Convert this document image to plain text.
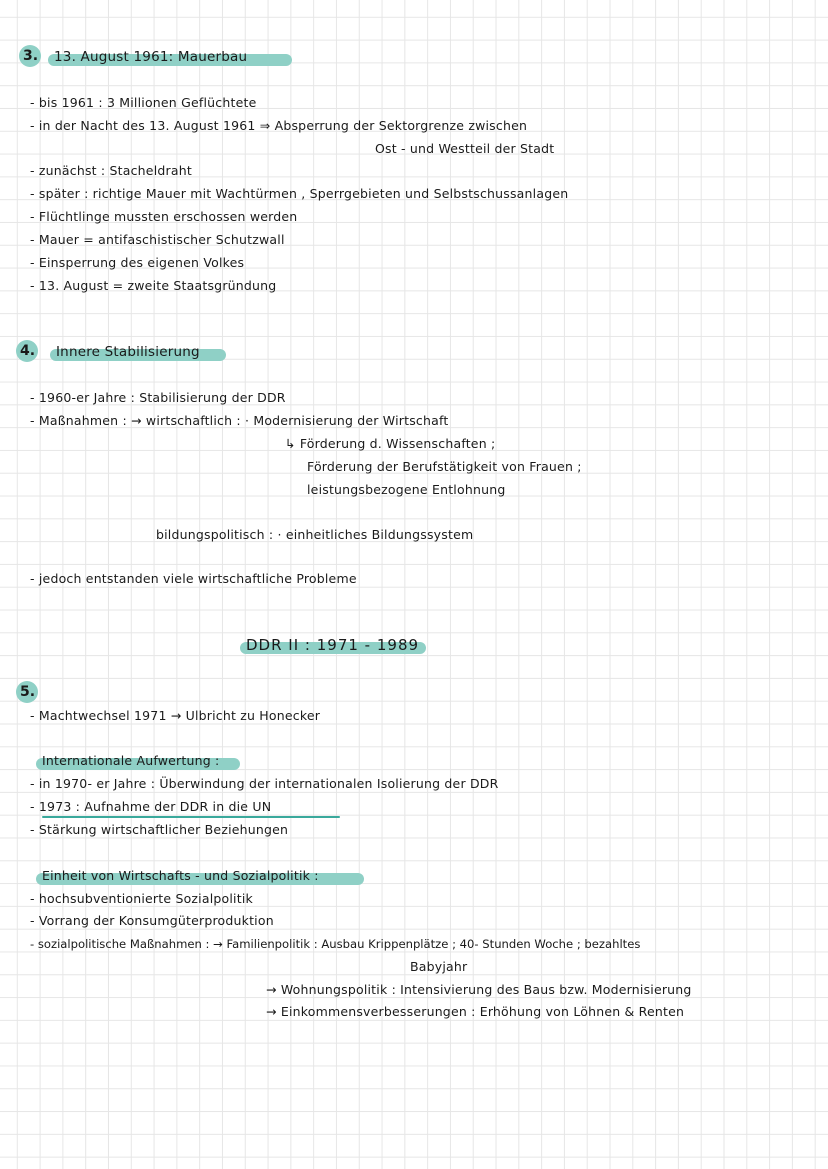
3. 13. August 1961: Mauerbau
- bis 1961 : 3 Millionen Geflüchtete
- in der Nacht des 13. August 1961 ⇒ Absperrung der Sektorgrenze zwischen
Ost - und Westteil der Stadt
- zunächst : Stacheldraht
- später : richtige Mauer mit Wachtürmen , Sperrgebieten und Selbstschussanlagen
- Flüchtlinge mussten erschossen werden
- Mauer = antifaschistischer Schutzwall
- Einsperrung des eigenen Volkes
- 13. August = zweite Staatsgründung
4. Innere Stabilisierung
- 1960-er Jahre : Stabilisierung der DDR
- Maßnahmen : → wirtschaftlich : · Modernisierung der Wirtschaft
↳ Förderung d. Wissenschaften ;
Förderung der Berufstätigkeit von Frauen ;
leistungsbezogene Entlohnung
bildungspolitisch : · einheitliches Bildungssystem
- jedoch entstanden viele wirtschaftliche Probleme
DDR II : 1971 - 1989
5.
- Machtwechsel 1971 → Ulbricht zu Honecker
Internationale Aufwertung :
- in 1970- er Jahre : Überwindung der internationalen Isolierung der DDR
- 1973 : Aufnahme der DDR in die UN
- Stärkung wirtschaftlicher Beziehungen
Einheit von Wirtschafts - und Sozialpolitik :
- hochsubventionierte Sozialpolitik
- Vorrang der Konsumgüterproduktion
- sozialpolitische Maßnahmen : → Familienpolitik : Ausbau Krippenplätze ; 40- Stunden Woche ; bezahltes
Babyjahr
→ Wohnungspolitik : Intensivierung des Baus bzw. Modernisierung
→ Einkommensverbesserungen : Erhöhung von Löhnen & Renten
